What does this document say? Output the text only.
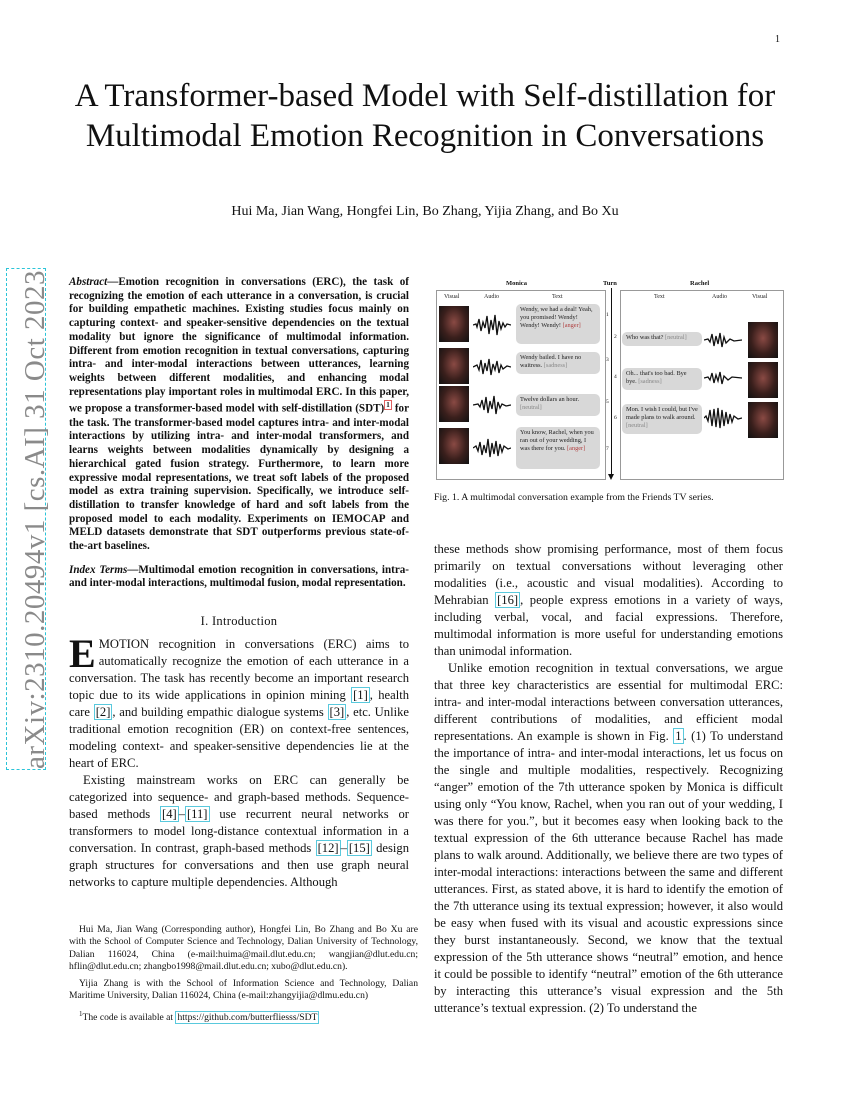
1
arXiv:2310.20494v1 [cs.AI] 31 Oct 2023
A Transformer-based Model with Self-distillation for Multimodal Emotion Recognition in Conversations
Hui Ma, Jian Wang, Hongfei Lin, Bo Zhang, Yijia Zhang, and Bo Xu

Abstract—Emotion recognition in conversations (ERC), the task of recognizing the emotion of each utterance in a conversation, is crucial for building empathetic machines. Existing studies focus mainly on capturing context- and speaker-sensitive dependencies on the textual modality but ignore the significance of multimodal information. Different from emotion recognition in textual conversations, capturing intra- and inter-modal interactions between utterances, learning weights between different modalities, and enhancing modal representations play important roles in multimodal ERC. In this paper, we propose a transformer-based model with self-distillation (SDT) $^1$ for the task. The transformer-based model captures intra- and inter-modal interactions by utilizing intra- and inter-modal transformers, and learns weights between modalities dynamically by designing a hierarchical gated fusion strategy. Furthermore, to learn more expressive modal representations, we treat soft labels of the proposed model as extra training supervision. Specifically, we introduce self-distillation to transfer knowledge of hard and soft labels from the proposed model to each modality. Experiments on IEMOCAP and MELD datasets demonstrate that SDT outperforms previous state-of-the-art baselines.

Index Terms—Multimodal emotion recognition in conversations, intra- and inter-modal interactions, multimodal fusion, modal representation.

I. Introduction

EMOTION recognition in conversations (ERC) aims to automatically recognize the emotion of each utterance in a conversation. The task has recently become an important research topic due to its wide applications in opinion mining [1] , health care [2] , and building empathic dialogue systems [3] , etc. Unlike traditional emotion recognition (ER) on context-free sentences, modeling context- and speaker-sensitive dependencies lie at the heart of ERC.

Existing mainstream works on ERC can generally be categorized into sequence- and graph-based methods. Sequence-based methods [4] – [11] use recurrent neural networks or transformers to model long-distance contextual information in a conversation. In contrast, graph-based methods [12] – [15] design graph structures for conversations and then use graph neural networks to capture multiple dependencies. Although

Hui Ma, Jian Wang (Corresponding author), Hongfei Lin, Bo Zhang and Bo Xu are with the School of Computer Science and Technology, Dalian University of Technology, Dalian 116024, China (e-mail:huima@mail.dlut.edu.cn; wangjian@dlut.edu.cn; hflin@dlut.edu.cn; zhangbo1998@mail.dlut.edu.cn; xubo@dlut.edu.cn).

Yijia Zhang is with the School of Information Science and Technology, Dalian Maritime University, Dalian 116024, China (e-mail:zhangyijia@dlmu.edu.cn)

$^1$The code is available at https://github.com/butterfliesss/SDT

Monica	Turn	Rachel
Visual	Audio	Text	Text	Audio	Visual
Wendy, we had a deal! Yeah, you promised! Wendy! Wendy! Wendy! [anger]
Wendy bailed. I have no waitress. [sadness]
Twelve dollars an hour. [neutral]
You know, Rachel, when you ran out of your wedding, I was there for you. [anger]
1
2
3
4
5
6
7
Who was that? [neutral]
Oh... that's too bad. Bye bye. [sadness]
Mon. I wish I could, but I've made plans to walk around. [neutral]
Fig. 1. A multimodal conversation example from the Friends TV series.

these methods show promising performance, most of them focus primarily on textual conversations without leveraging other modalities (i.e., acoustic and visual modalities). According to Mehrabian [16] , people express emotions in a variety of ways, including verbal, vocal, and facial expressions. Therefore, multimodal information is more useful for understanding emotions than unimodal information.

Unlike emotion recognition in textual conversations, we argue that three key characteristics are essential for multimodal ERC: intra- and inter-modal interactions between conversation utterances, different contributions of modalities, and efficient modal representations. An example is shown in Fig. 1 . (1) To understand the importance of intra- and inter-modal interactions, let us focus on the single and multiple modalities, respectively. Recognizing “anger” emotion of the 7th utterance spoken by Monica is difficult using only “You know, Rachel, when you ran out of your wedding, I was there for you.”, but it becomes easy when looking back to the textual expression of the 6th utterance because Rachel has made plans to walk around. Additionally, we believe there are two types of inter-modal interactions: interactions between the same and different utterances. First, as stated above, it is hard to identify the emotion of the 7th utterance using its textual expression; however, it also would be easy when fused with its visual and acoustic expressions since they burst instantaneously. Second, we know that the textual expression of the 5th utterance shows “neutral” emotion, and hence it could be possible to identify “neutral” emotion of the 6th utterance by interacting this utterance’s visual expression and the 5th utterance’s textual expression. (2) To understand the
